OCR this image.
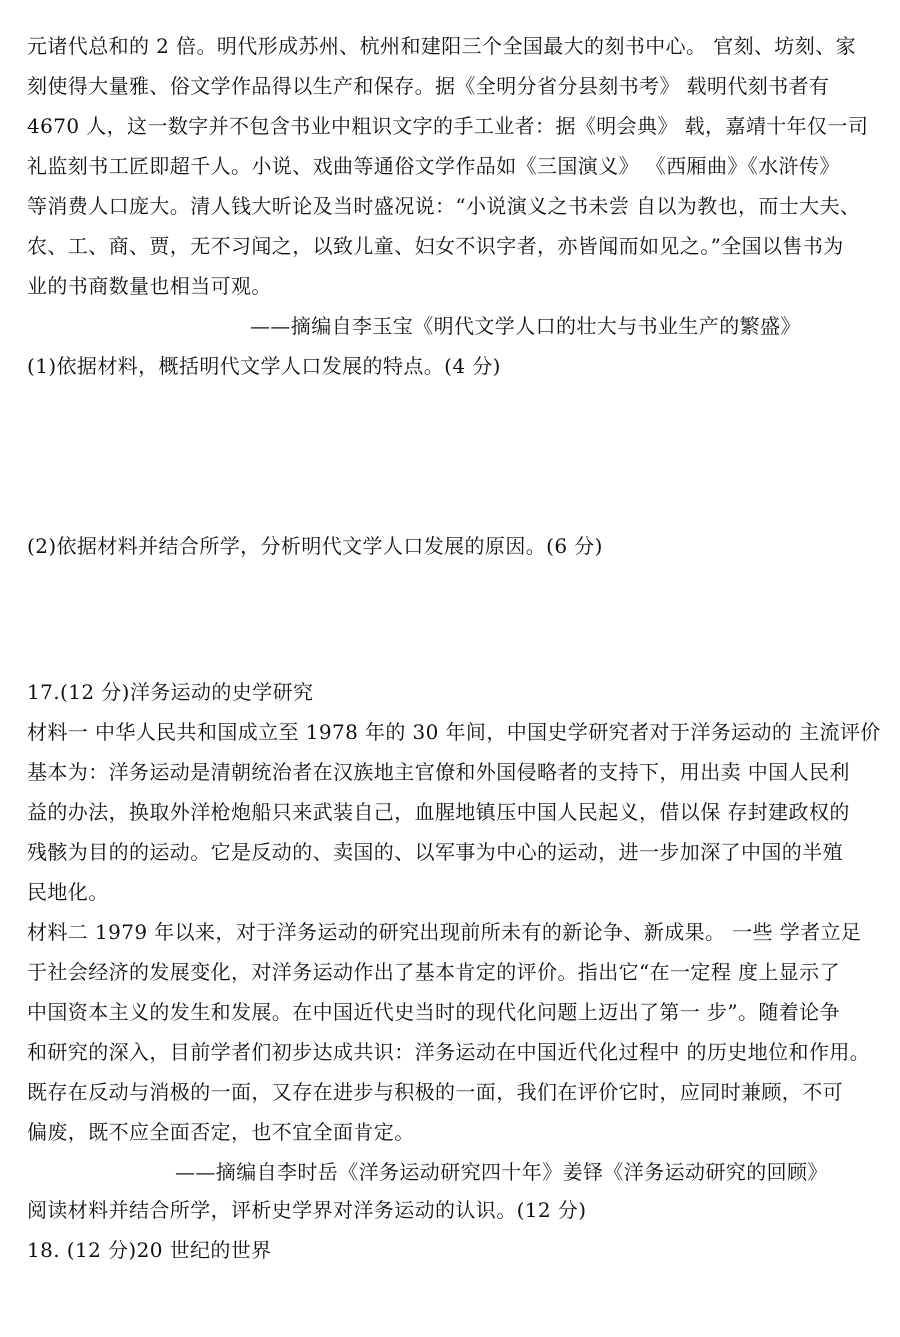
元诸代总和的 2 倍。明代形成苏州、杭州和建阳三个全国最大的刻书中心。 官刻、坊刻、家
刻使得大量雅、俗文学作品得以生产和保存。据《全明分省分县刻书考》 载明代刻书者有
4670 人，这一数字并不包含书业中粗识文字的手工业者：据《明会典》 载，嘉靖十年仅一司
礼监刻书工匠即超千人。小说、戏曲等通俗文学作品如《三国演义》 《西厢曲》《水浒传》
等消费人口庞大。清人钱大昕论及当时盛况说：“小说演义之书未尝 自以为教也，而士大夫、
农、工、商、贾，无不习闻之，以致儿童、妇女不识字者，亦皆闻而如见之。”全国以售书为
业的书商数量也相当可观。
——摘编自李玉宝《明代文学人口的壮大与书业生产的繁盛》
(1)依据材料，概括明代文学人口发展的特点。(4 分)
(2)依据材料并结合所学，分析明代文学人口发展的原因。(6 分)
17.(12 分)洋务运动的史学研究
材料一 中华人民共和国成立至 1978 年的 30 年间，中国史学研究者对于洋务运动的 主流评价
基本为：洋务运动是清朝统治者在汉族地主官僚和外国侵略者的支持下，用出卖 中国人民利
益的办法，换取外洋枪炮船只来武装自己，血腥地镇压中国人民起义，借以保 存封建政权的
残骸为目的的运动。它是反动的、卖国的、以军事为中心的运动，进一步加深了中国的半殖
民地化。
材料二 1979 年以来，对于洋务运动的研究出现前所未有的新论争、新成果。 一些 学者立足
于社会经济的发展变化，对洋务运动作出了基本肯定的评价。指出它“在一定程 度上显示了
中国资本主义的发生和发展。在中国近代史当时的现代化问题上迈出了第一 步”。随着论争
和研究的深入，目前学者们初步达成共识：洋务运动在中国近代化过程中 的历史地位和作用。
既存在反动与消极的一面，又存在进步与积极的一面，我们在评价它时，应同时兼顾，不可
偏废，既不应全面否定，也不宜全面肯定。
——摘编自李时岳《洋务运动研究四十年》姜铎《洋务运动研究的回顾》
阅读材料并结合所学，评析史学界对洋务运动的认识。(12 分)
18. (12 分)20 世纪的世界
